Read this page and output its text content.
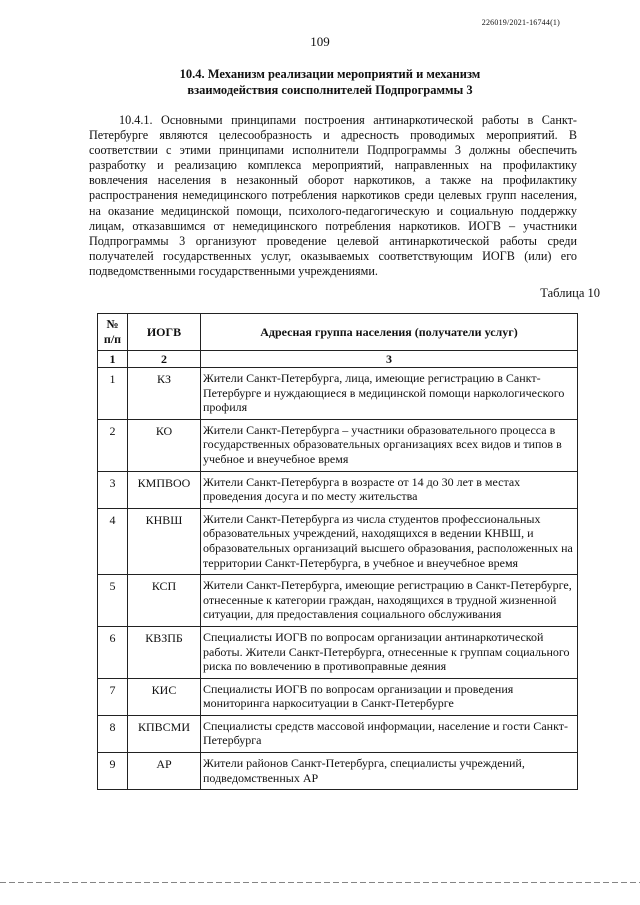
226019/2021-16744(1)
109
10.4. Механизм реализации мероприятий и механизм
взаимодействия соисполнителей Подпрограммы 3
10.4.1. Основными принципами построения антинаркотической работы в Санкт-Петербурге являются целесообразность и адресность проводимых мероприятий. В соответствии с этими принципами исполнители Подпрограммы 3 должны обеспечить разработку и реализацию комплекса мероприятий, направленных на профилактику вовлечения населения в незаконный оборот наркотиков, а также на профилактику распространения немедицинского потребления наркотиков среди целевых групп населения, на оказание медицинской помощи, психолого-педагогическую и социальную поддержку лицам, отказавшимся от немедицинского потребления наркотиков. ИОГВ – участники Подпрограммы 3 организуют проведение целевой антинаркотической работы среди получателей государственных услуг, оказываемых соответствующим ИОГВ (или) его подведомственными государственными учреждениями.
Таблица 10
№
п/п	ИОГВ	Адресная группа населения (получатели услуг)
1	2	3
1	КЗ	Жители Санкт-Петербурга, лица, имеющие регистрацию в Санкт-Петербурге и нуждающиеся в медицинской помощи наркологического профиля
2	КО	Жители Санкт-Петербурга – участники образовательного процесса в государственных образовательных организациях всех видов и типов в учебное и внеучебное время
3	КМПВОО	Жители Санкт-Петербурга в возрасте от 14 до 30 лет в местах проведения досуга и по месту жительства
4	КНВШ	Жители Санкт-Петербурга из числа студентов профессиональных образовательных учреждений, находящихся в ведении КНВШ, и образовательных организаций высшего образования, расположенных на территории Санкт-Петербурга, в учебное и внеучебное время
5	КСП	Жители Санкт-Петербурга, имеющие регистрацию в Санкт-Петербурге, отнесенные к категории граждан, находящихся в трудной жизненной ситуации, для предоставления социального обслуживания
6	КВЗПБ	Специалисты ИОГВ по вопросам организации антинаркотической работы. Жители Санкт-Петербурга, отнесенные к группам социального риска по вовлечению в противоправные деяния
7	КИС	Специалисты ИОГВ по вопросам организации и проведения мониторинга наркоситуации в Санкт-Петербурге
8	КПВСМИ	Специалисты средств массовой информации, население и гости Санкт-Петербурга
9	АР	Жители районов Санкт-Петербурга, специалисты учреждений, подведомственных АР
